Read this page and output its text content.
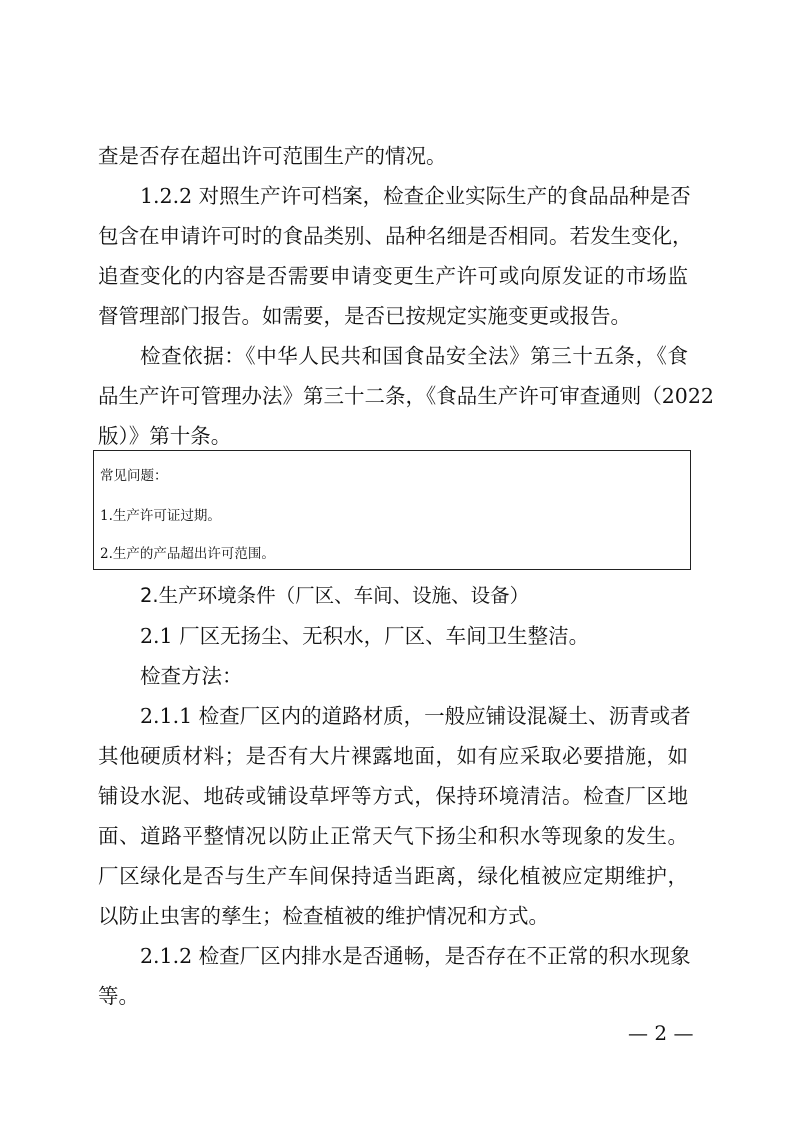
查是否存在超出许可范围生产的情况。
1.2.2 对照生产许可档案，检查企业实际生产的食品品种是否
包含在申请许可时的食品类别、品种名细是否相同。若发生变化，
追查变化的内容是否需要申请变更生产许可或向原发证的市场监
督管理部门报告。如需要，是否已按规定实施变更或报告。
检查依据：《中华人民共和国食品安全法》第三十五条，《食
品生产许可管理办法》第三十二条，《食品生产许可审查通则（2022
版）》第十条。
常见问题：
1.生产许可证过期。
2.生产的产品超出许可范围。
2.生产环境条件（厂区、车间、设施、设备）
2.1 厂区无扬尘、无积水，厂区、车间卫生整洁。
检查方法：
2.1.1 检查厂区内的道路材质，一般应铺设混凝土、沥青或者
其他硬质材料；是否有大片裸露地面，如有应采取必要措施，如
铺设水泥、地砖或铺设草坪等方式，保持环境清洁。检查厂区地
面、道路平整情况以防止正常天气下扬尘和积水等现象的发生。
厂区绿化是否与生产车间保持适当距离，绿化植被应定期维护，
以防止虫害的孳生；检查植被的维护情况和方式。
2.1.2 检查厂区内排水是否通畅，是否存在不正常的积水现象
等。
— 2 —
